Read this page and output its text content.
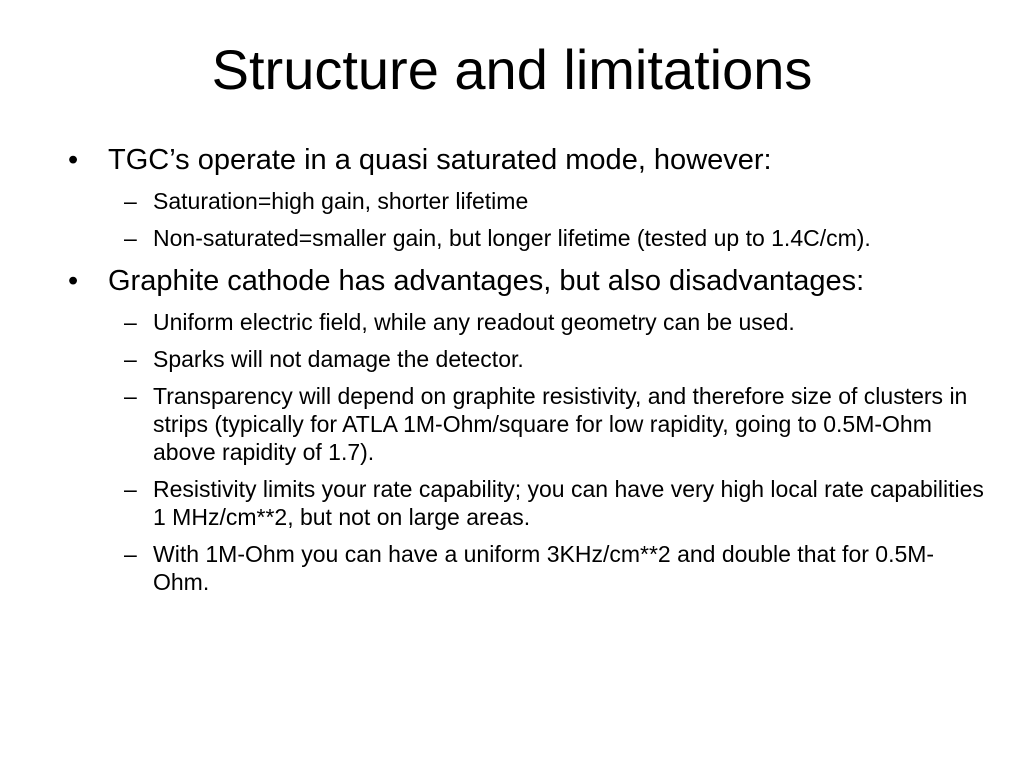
Structure and limitations
•	TGC’s operate in a quasi saturated mode, however:
– Saturation=high gain, shorter lifetime
– Non-saturated=smaller gain, but longer lifetime (tested up to 1.4C/cm).
•	Graphite cathode has advantages, but also disadvantages:
– Uniform electric field, while any readout geometry can be used.
– Sparks will not damage the detector.
– Transparency will depend on graphite resistivity, and therefore size of clusters in strips (typically for ATLA 1M-Ohm/square for low rapidity, going to 0.5M-Ohm above rapidity of 1.7).
– Resistivity limits your rate capability; you can have very high local rate capabilities 1 MHz/cm**2, but not on large areas.
– With 1M-Ohm you can have a uniform 3KHz/cm**2 and double that for 0.5M-Ohm.
